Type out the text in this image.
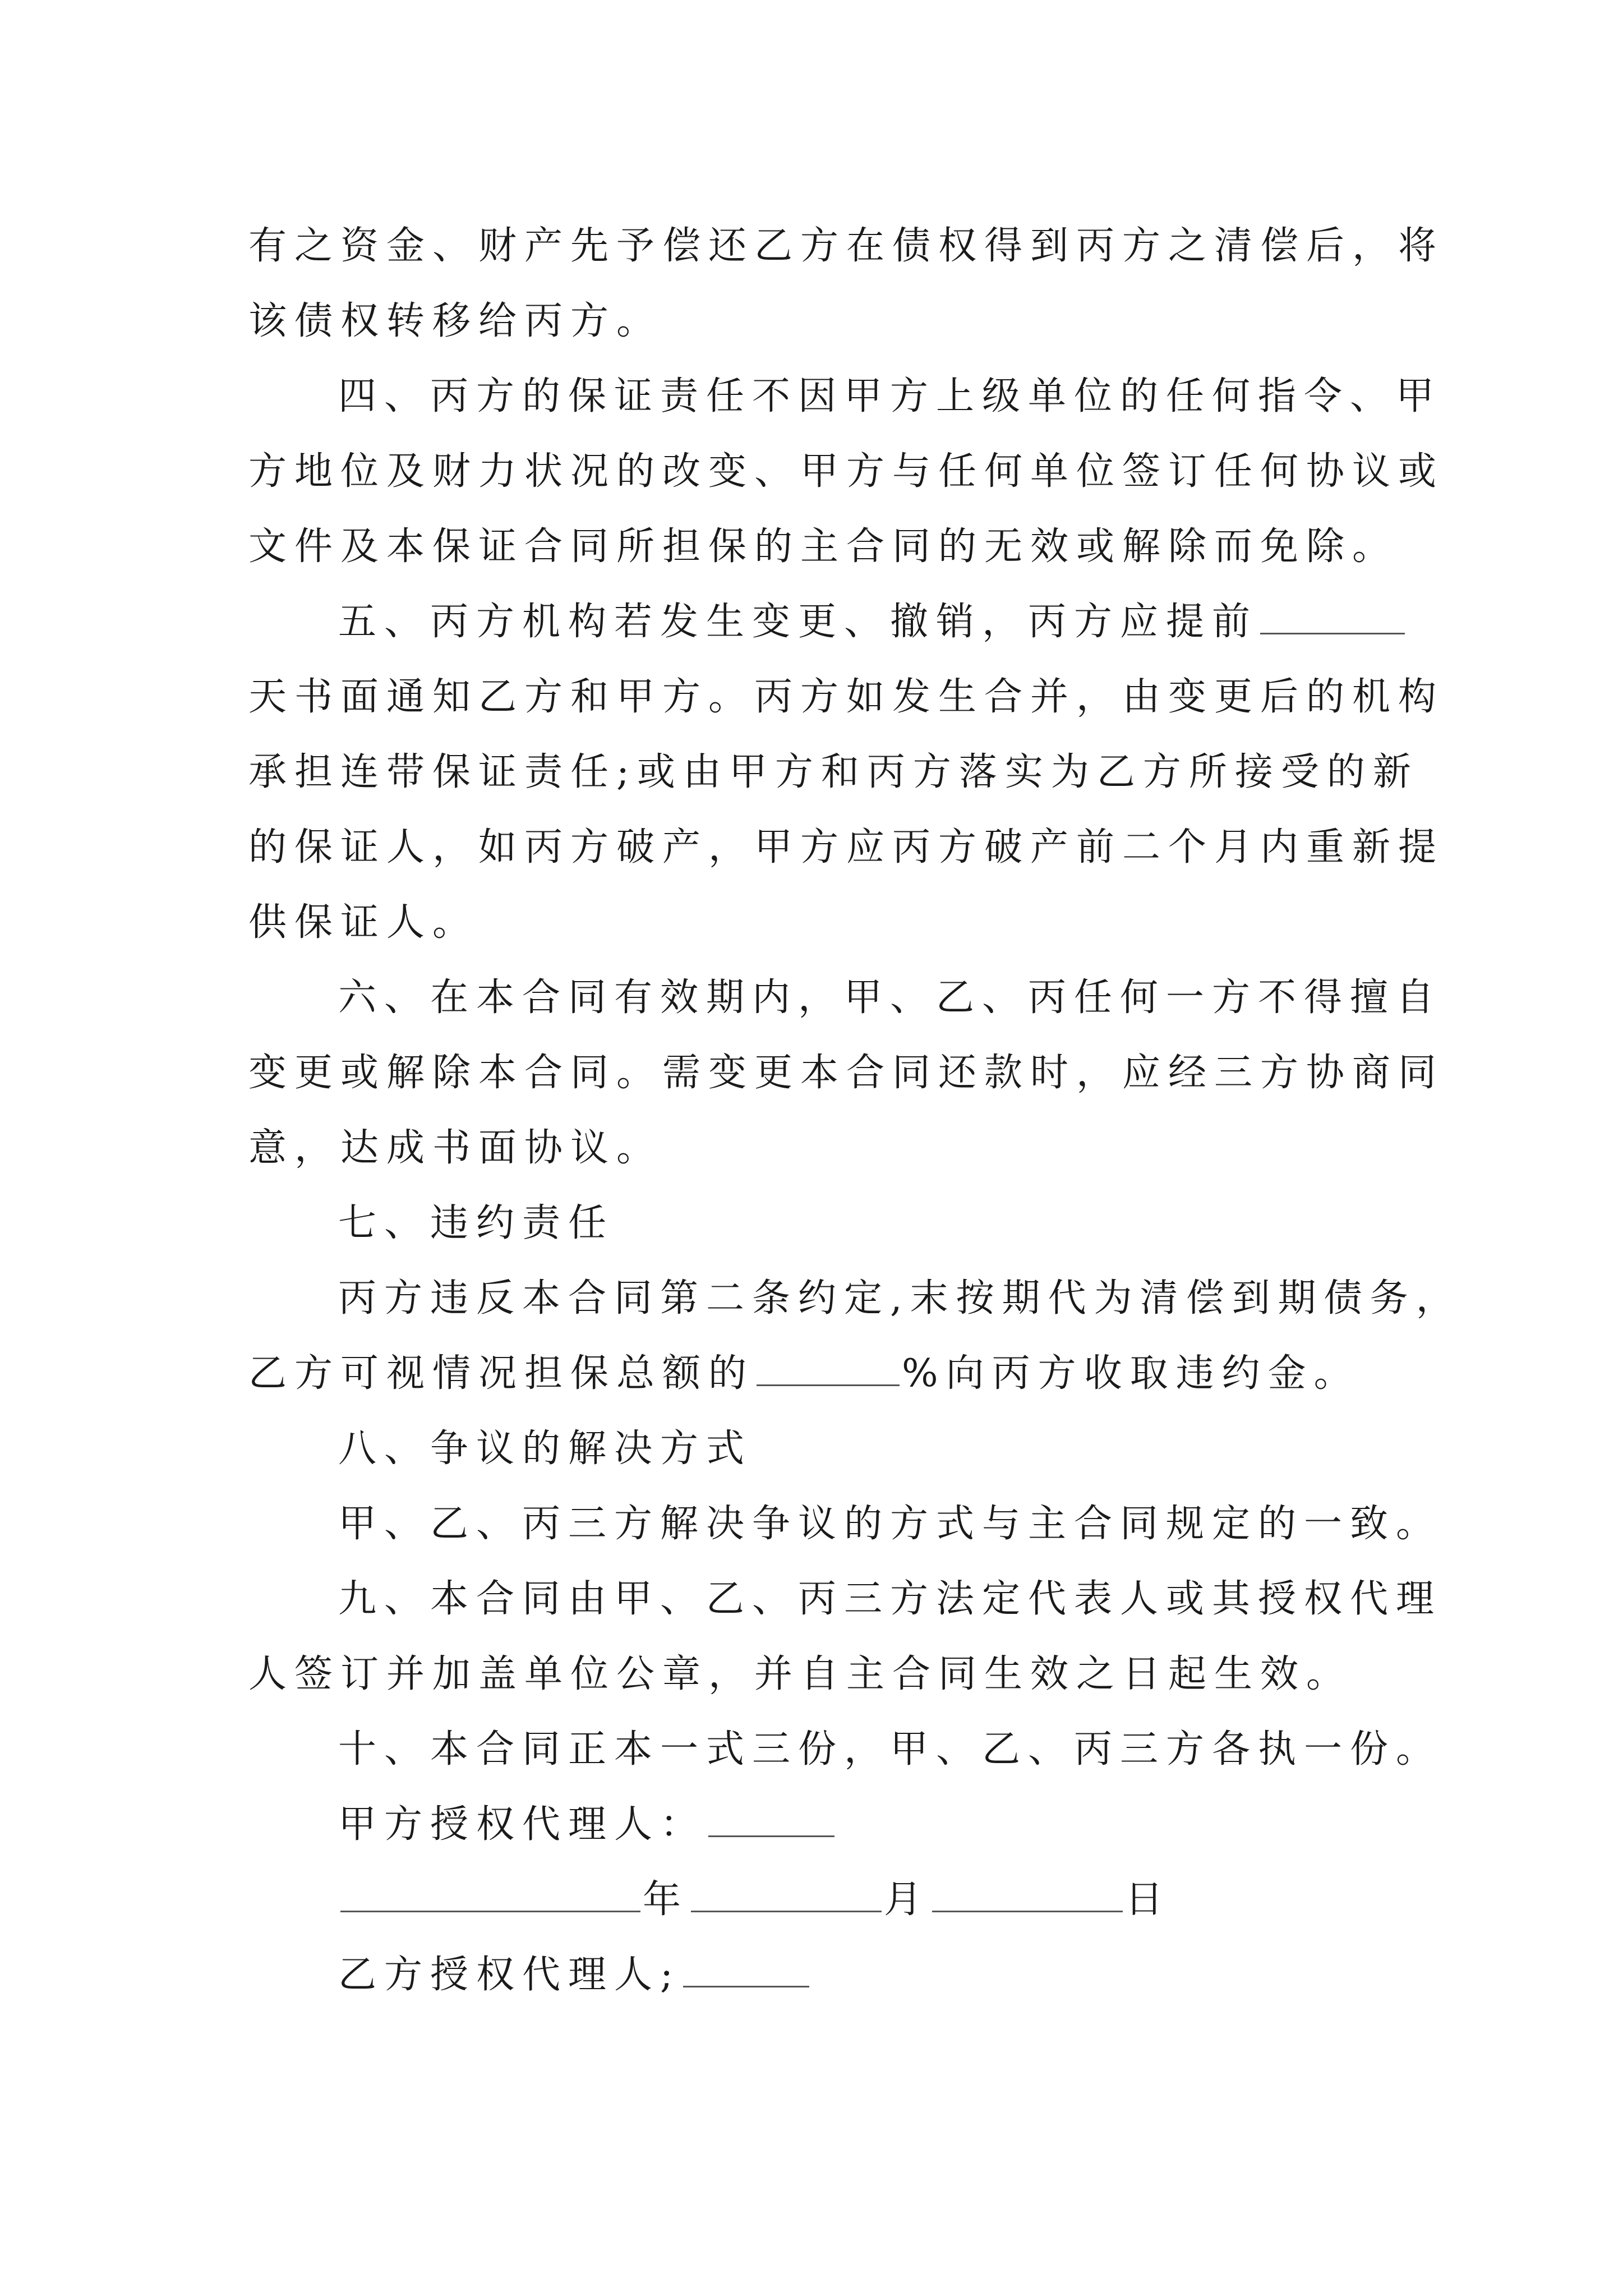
有之资金、财产先予偿还乙方在债权得到丙方之清偿后，将
该债权转移给丙方。
四、丙方的保证责任不因甲方上级单位的任何指令、甲
方地位及财力状况的改变、甲方与任何单位签订任何协议或
文件及本保证合同所担保的主合同的无效或解除而免除。
五、丙方机构若发生变更、撤销，丙方应提前
天书面通知乙方和甲方。丙方如发生合并，由变更后的机构
承担连带保证责任;或由甲方和丙方落实为乙方所接受的新
的保证人，如丙方破产，甲方应丙方破产前二个月内重新提
供保证人。
六、在本合同有效期内，甲、乙、丙任何一方不得擅自
变更或解除本合同。需变更本合同还款时，应经三方协商同
意，达成书面协议。
七、违约责任
丙方违反本合同第二条约定,末按期代为清偿到期债务，
乙方可视情况担保总额的	%向丙方收取违约金。
八、争议的解决方式
甲、乙、丙三方解决争议的方式与主合同规定的一致。
九、本合同由甲、乙、丙三方法定代表人或其授权代理
人签订并加盖单位公章，并自主合同生效之日起生效。
十、本合同正本一式三份，甲、乙、丙三方各执一份。
甲方授权代理人：
年	月	日
乙方授权代理人;
